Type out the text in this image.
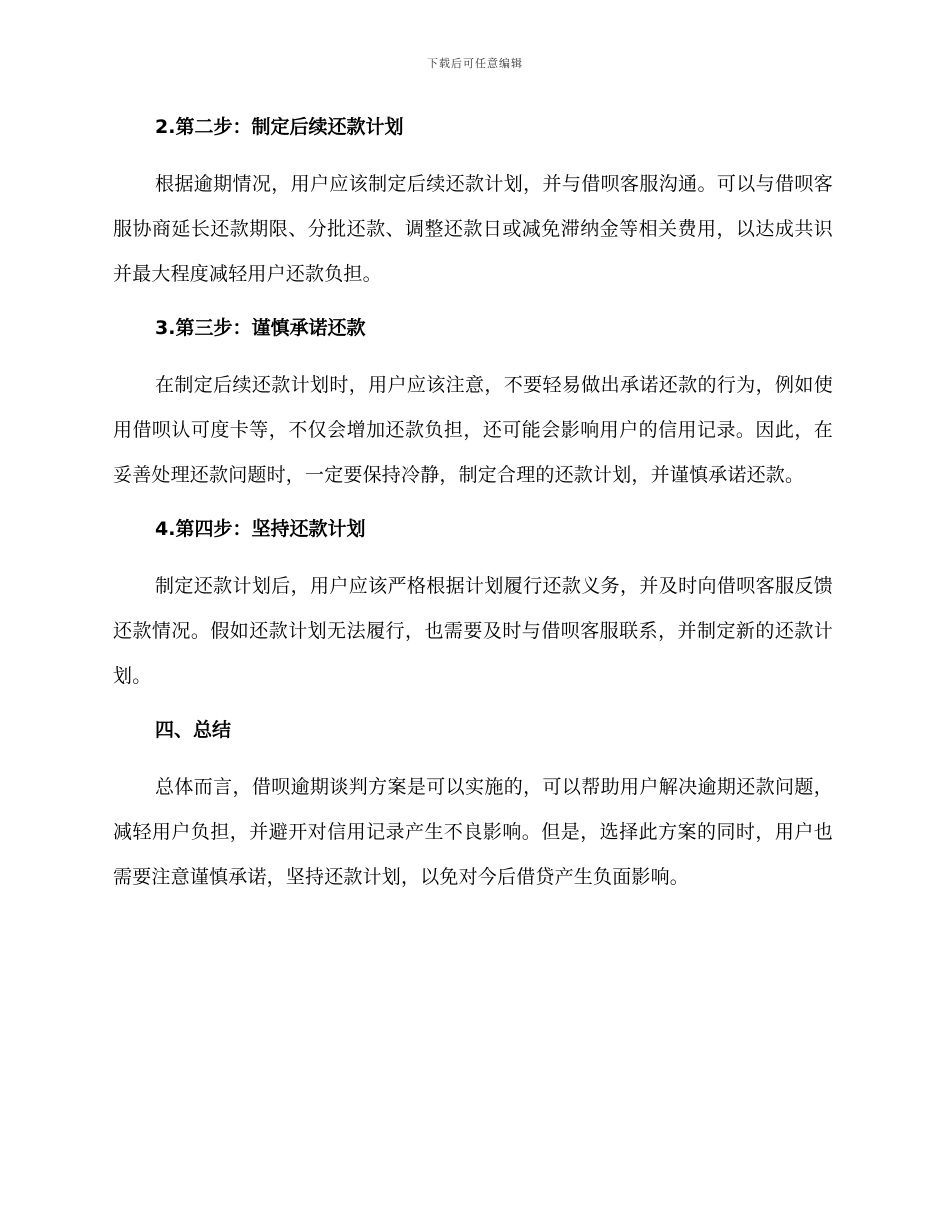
下载后可任意编辑
2.第二步：制定后续还款计划

根据逾期情况，用户应该制定后续还款计划，并与借呗客服沟通。可以与借呗客服协商延长还款期限、分批还款、调整还款日或减免滞纳金等相关费用，以达成共识并最大程度减轻用户还款负担。

3.第三步：谨慎承诺还款

在制定后续还款计划时，用户应该注意，不要轻易做出承诺还款的行为，例如使用借呗认可度卡等，不仅会增加还款负担，还可能会影响用户的信用记录。因此，在妥善处理还款问题时，一定要保持冷静，制定合理的还款计划，并谨慎承诺还款。

4.第四步：坚持还款计划

制定还款计划后，用户应该严格根据计划履行还款义务，并及时向借呗客服反馈还款情况。假如还款计划无法履行，也需要及时与借呗客服联系，并制定新的还款计划。

四、总结

总体而言，借呗逾期谈判方案是可以实施的，可以帮助用户解决逾期还款问题，减轻用户负担，并避开对信用记录产生不良影响。但是，选择此方案的同时，用户也需要注意谨慎承诺，坚持还款计划，以免对今后借贷产生负面影响。
